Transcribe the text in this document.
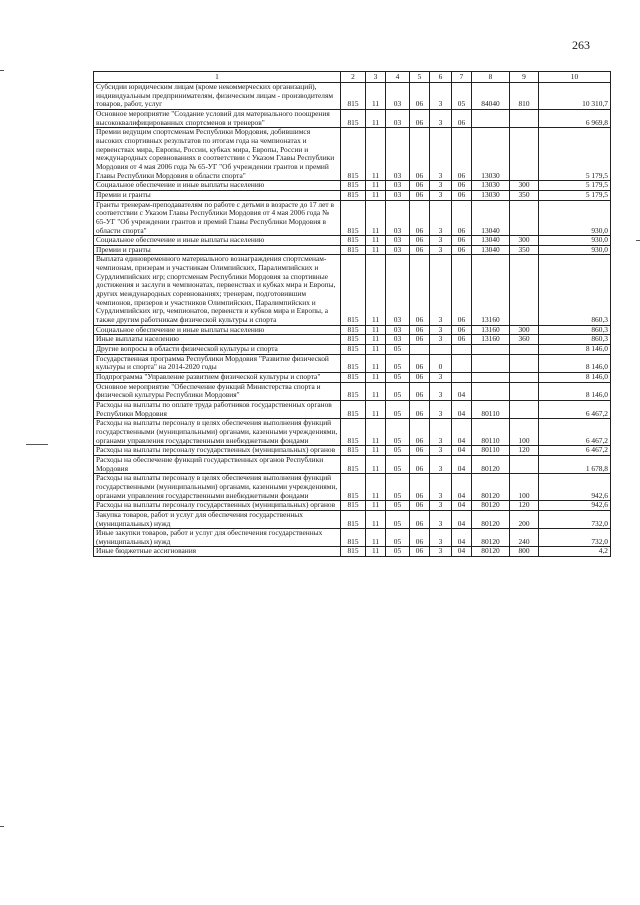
263
1	2	3	4	5	6	7	8	9	10
Субсидии юридическим лицам (кроме некоммерческих организаций), индивидуальным предпринимателям, физическим лицам - производителям товаров, работ, услуг	815	11	03	06	3	05	84040	810	10 310,7
Основное мероприятие "Создание условий для материального поощрения высококвалифицированных спортсменов и тренеров"	815	11	03	06	3	06			6 969,8
Премии ведущим спортсменам Республики Мордовия, добившимся высоких спортивных результатов по итогам года на чемпионатах и первенствах мира, Европы, России, кубках мира, Европы, России и международных соревнованиях в соответствии с Указом Главы Республики Мордовия от 4 мая 2006 года № 65-УГ "Об учреждении грантов и премий Главы Республики Мордовия в области спорта"	815	11	03	06	3	06	13030		5 179,5
Социальное обеспечение и иные выплаты населению	815	11	03	06	3	06	13030	300	5 179,5
Премии и гранты	815	11	03	06	3	06	13030	350	5 179,5
Гранты тренерам-преподавателям по работе с детьми в возрасте до 17 лет в соответствии с Указом Главы Республики Мордовия от 4 мая 2006 года № 65-УГ "Об учреждении грантов и премий Главы Республики Мордовия в области спорта"	815	11	03	06	3	06	13040		930,0
Социальное обеспечение и иные выплаты населению	815	11	03	06	3	06	13040	300	930,0
Премии и гранты	815	11	03	06	3	06	13040	350	930,0
Выплата единовременного материального вознаграждения спортсменам-чемпионам, призерам и участникам Олимпийских, Паралимпийских и Сурдлимпийских игр; спортсменам Республики Мордовия за спортивные достижения и заслуги в чемпионатах, первенствах и кубках мира и Европы, других международных соревнованиях; тренерам, подготовившим чемпионов, призеров и участников Олимпийских, Паралимпийских и Сурдлимпийских игр, чемпионатов, первенств и кубков мира и Европы, а также другим работникам физической культуры и спорта	815	11	03	06	3	06	13160		860,3
Социальное обеспечение и иные выплаты населению	815	11	03	06	3	06	13160	300	860,3
Иные выплаты населению	815	11	03	06	3	06	13160	360	860,3
Другие вопросы в области физической культуры и спорта	815	11	05						8 146,0
Государственная программа Республики Мордовия "Развитие физической культуры и спорта" на 2014-2020 годы	815	11	05	06	0				8 146,0
Подпрограмма "Управление развитием физической культуры и спорта"	815	11	05	06	3				8 146,0
Основное мероприятие "Обеспечение функций Министерства спорта и физической культуры Республики Мордовия"	815	11	05	06	3	04			8 146,0
Расходы на выплаты по оплате труда работников государственных органов Республики Мордовия	815	11	05	06	3	04	80110		6 467,2
Расходы на выплаты персоналу в целях обеспечения выполнения функций государственными (муниципальными) органами, казенными учреждениями, органами управления государственными внебюджетными фондами	815	11	05	06	3	04	80110	100	6 467,2
Расходы на выплаты персоналу государственных (муниципальных) органов	815	11	05	06	3	04	80110	120	6 467,2
Расходы на обеспечение функций государственных органов Республики Мордовия	815	11	05	06	3	04	80120		1 678,8
Расходы на выплаты персоналу в целях обеспечения выполнения функций государственными (муниципальными) органами, казенными учреждениями, органами управления государственными внебюджетными фондами	815	11	05	06	3	04	80120	100	942,6
Расходы на выплаты персоналу государственных (муниципальных) органов	815	11	05	06	3	04	80120	120	942,6
Закупка товаров, работ и услуг для обеспечения государственных (муниципальных) нужд	815	11	05	06	3	04	80120	200	732,0
Иные закупки товаров, работ и услуг для обеспечения государственных (муниципальных) нужд	815	11	05	06	3	04	80120	240	732,0
Иные бюджетные ассигнования	815	11	05	06	3	04	80120	800	4,2
